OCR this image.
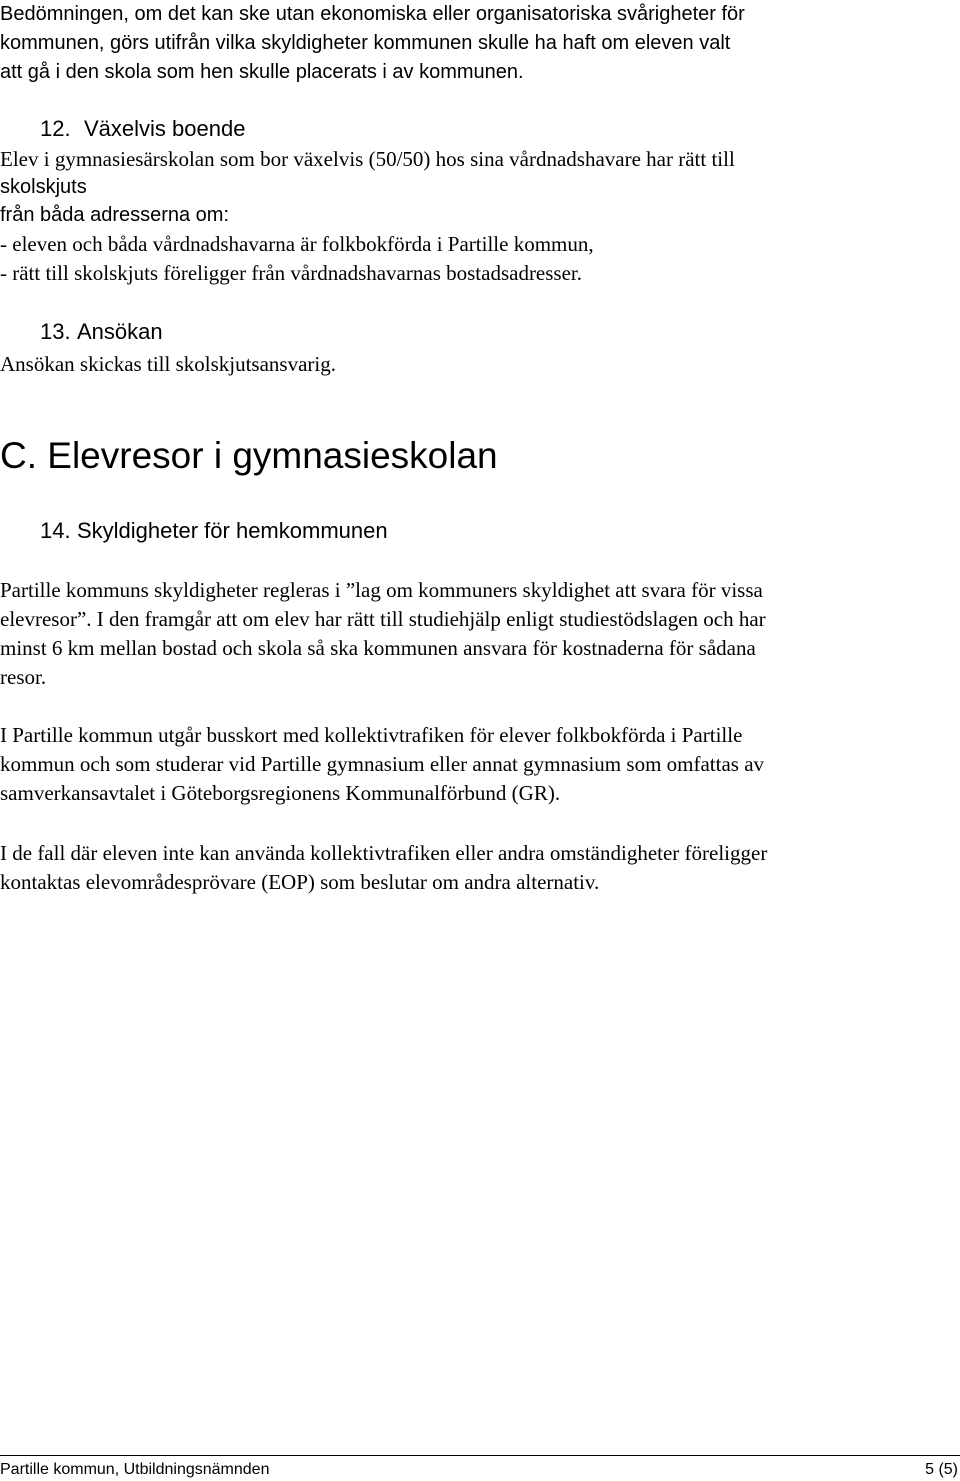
Bedömningen, om det kan ske utan ekonomiska eller organisatoriska svårigheter för
kommunen, görs utifrån vilka skyldigheter kommunen skulle ha haft om eleven valt
att gå i den skola som hen skulle placerats i av kommunen.
12. Växelvis boende
Elev i gymnasiesärskolan som bor växelvis (50/50) hos sina vårdnadshavare har rätt till
skolskjuts
från båda adresserna om:
- eleven och båda vårdnadshavarna är folkbokförda i Partille kommun,
- rätt till skolskjuts föreligger från vårdnadshavarnas bostadsadresser.
13. Ansökan
Ansökan skickas till skolskjutsansvarig.
C. Elevresor i gymnasieskolan
14. Skyldigheter för hemkommunen
Partille kommuns skyldigheter regleras i ”lag om kommuners skyldighet att svara för vissa
elevresor”. I den framgår att om elev har rätt till studiehjälp enligt studiestödslagen och har
minst 6 km mellan bostad och skola så ska kommunen ansvara för kostnaderna för sådana
resor.
I Partille kommun utgår busskort med kollektivtrafiken för elever folkbokförda i Partille
kommun och som studerar vid Partille gymnasium eller annat gymnasium som omfattas av
samverkansavtalet i Göteborgsregionens Kommunalförbund (GR).
I de fall där eleven inte kan använda kollektivtrafiken eller andra omständigheter föreligger
kontaktas elevområdesprövare (EOP) som beslutar om andra alternativ.
Partille kommun, Utbildningsnämnden	5 (5)
